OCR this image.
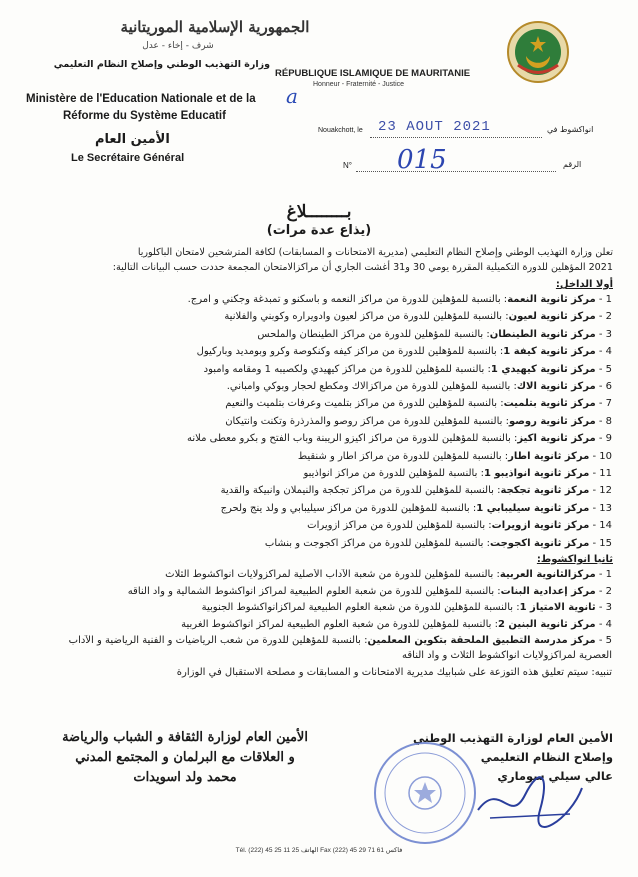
الجمهورية الإسلامية الموريتانية
شرف - إخاء - عدل
RÉPUBLIQUE ISLAMIQUE DE MAURITANIE
Honneur - Fraternité - Justice
وزارة التهذيب الوطني وإصلاح النظام التعليمي
Ministère de l'Education Nationale et de la
Réforme du Système Educatif
الأمين العام
Le Secrétaire Général
a
Nouakchott, le 23 AOUT 2021	انواكشوط في
N° 015	الرقم
بــــــــلاغ
(يذاع عدة مرات)
تعلن وزارة التهذيب الوطني وإصلاح النظام التعليمي (مديرية الامتحانات و المسابقات) لكافة المترشحين لامتحان الباكلوريا
2021 المؤهلين للدورة التكميلية المقررة يومي 30 و31 أغشت الجاري أن مراكزالامتحان المجمعة حددت حسب البيانات التالية:
أولا الداخل:
1 - مركز ثانوية النعمة: بالنسبة للمؤهلين للدورة من مراكز النعمه و باسكنو و تمبدغة وجكني و آمرج.
2 - مركز ثانوية لعيون: بالنسبة للمؤهلين للدورة من مراكز لعيون وادويراره وكوبني والفلانية
3 - مركز ثانوية الطينطان: بالنسبة للمؤهلين للدورة من مراكز الطينطان والملحس
4 - مركز ثانوية كيفة 1: بالنسبة للمؤهلين للدورة من مراكز كيفه وكنكوصة وكرو وبومديد وباركيول
5 - مركز ثانوية كيهيدي 1: بالنسبة للمؤهلين للدورة من مراكز كيهيدي ولكصيبه 1 ومقامه وامبود
6 - مركز ثانوية الاك: بالنسبة للمؤهلين للدورة من مراكزالاك ومكطع لحجار وبوكي وامباني.
7 - مركز ثانوية بتلميت: بالنسبة للمؤهلين للدورة من مراكز بتلميت وعرفات بتلميت والنعيم
8 - مركز ثانوية روصو: بالنسبة للمؤهلين للدورة من مراكز روصو والمذرذرة وتكنت وانتيكان
9 - مركز ثانوية اكيز: بالنسبة للمؤهلين للدورة من مراكز اكيزو الريبنة وباب الفتح و بكرو معطى ملانه
10 - مركز ثانوية اطار: بالنسبة للمؤهلين للدورة من مراكز اطار و شنقيط
11 - مركز ثانوية انواذيبو 1: بالنسبة للمؤهلين للدورة من مراكز انواذيبو
12 - مركز ثانوية تجكجة: بالنسبة للمؤهلين للدورة من مراكز تجكجة والنيملان وانبيكة والقدية
13 - مركز ثانوية سيليبابي 1: بالنسبة للمؤهلين للدورة من مراكز سيليبابي و ولد ينج ولحرج
14 - مركز ثانوية ازويرات: بالنسبة للمؤهلين للدورة من مراكز ازويرات
15 - مركز ثانوية اكجوجت: بالنسبة للمؤهلين للدورة من مراكز اكجوجت و بنشاب
ثانيا انواكشوط:
1 - مركزالثانوية العربية: بالنسبة للمؤهلين للدورة من شعبة الآداب الأصلية لمراكزولايات انواكشوط الثلاث
2 - مركز إعدادية البنات: بالنسبة للمؤهلين للدورة من شعبة العلوم الطبيعية لمراكز انواكشوط الشمالية و واد الناقه
3 - ثانوية الامتياز 1: بالنسبة للمؤهلين للدورة من شعبة العلوم الطبيعية لمراكزانواكشوط الجنوبية
4 - مركز ثانوية البنين 2: بالنسبة للمؤهلين للدورة من شعبة العلوم الطبيعية لمراكز انواكشوط الغربية
5 - مركز مدرسة التطبيق الملحقة بتكوين المعلمين: بالنسبة للمؤهلين للدورة من شعب الرياضيات و الفنية الرياضية و الآداب
العصرية لمراكزولايات انواكشوط الثلاث و واد الناقه
تنبيه: سيتم تعليق هذه التوزعة على شبابيك مديرية الامتحانات و المسابقات و مصلحة الاستقبال في الوزارة
الأمين العام لوزارة التهذيب الوطني
وإصلاح النظام التعليمي
عالي سيلي سوماري
الأمين العام لوزارة الثقافة و الشباب والرياضة
و العلاقات مع البرلمان و المجتمع المدني
محمد ولد اسويدات
Tél. (222) 45 25 11 25 الهاتف Fax (222) 45 29 71 61 فاكس
